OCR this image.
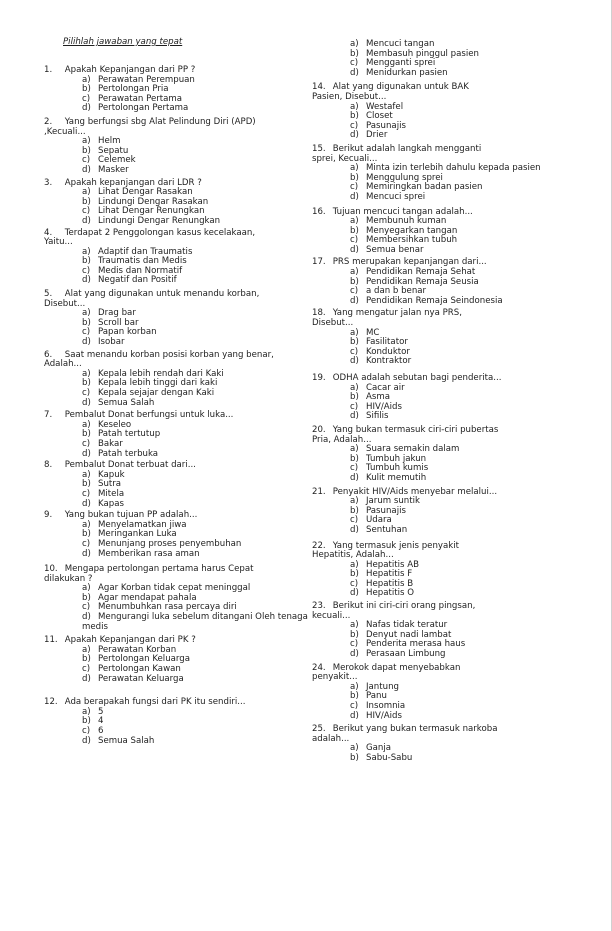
Pilihlah jawaban yang tepat
1. Apakah Kepanjangan dari PP ?
a) Perawatan Perempuan
b) Pertolongan Pria
c) Perawatan Pertama
d) Pertolongan Pertama
2. Yang berfungsi sbg Alat Pelindung Diri (APD) ,Kecuali...
a) Helm
b) Sepatu
c) Celemek
d) Masker
3. Apakah kepanjangan dari LDR ?
a) Lihat Dengar Rasakan
b) Lindungi Dengar Rasakan
c) Lihat Dengar Renungkan
d) Lindungi Dengar Renungkan
4. Terdapat 2 Penggolongan kasus kecelakaan, Yaitu...
a) Adaptif dan Traumatis
b) Traumatis dan Medis
c) Medis dan Normatif
d) Negatif dan Positif
5. Alat yang digunakan untuk menandu korban, Disebut...
a) Drag bar
b) Scroll bar
c) Papan korban
d) Isobar
6. Saat menandu korban posisi korban yang benar, Adalah...
a) Kepala lebih rendah dari Kaki
b) Kepala lebih tinggi dari kaki
c) Kepala sejajar dengan Kaki
d) Semua Salah
7. Pembalut Donat berfungsi untuk luka...
a) Keseleo
b) Patah tertutup
c) Bakar
d) Patah terbuka
8. Pembalut Donat terbuat dari...
a) Kapuk
b) Sutra
c) Mitela
d) Kapas
9. Yang bukan tujuan PP adalah...
a) Menyelamatkan jiwa
b) Meringankan Luka
c) Menunjang proses penyembuhan
d) Memberikan rasa aman
10. Mengapa pertolongan pertama harus Cepat dilakukan ?
a) Agar Korban tidak cepat meninggal
b) Agar mendapat pahala
c) Menumbuhkan rasa percaya diri
d) Mengurangi luka sebelum ditangani Oleh tenaga medis
11. Apakah Kepanjangan dari PK ?
a) Perawatan Korban
b) Pertolongan Keluarga
c) Pertolongan Kawan
d) Perawatan Keluarga
12. Ada berapakah fungsi dari PK itu sendiri...
a) 5
b) 4
c) 6
d) Semua Salah
a) Mencuci tangan
b) Membasuh pinggul pasien
c) Mengganti sprei
d) Menidurkan pasien
14. Alat yang digunakan untuk BAK Pasien, Disebut...
a) Westafel
b) Closet
c) Pasunajis
d) Drier
15. Berikut adalah langkah mengganti sprei, Kecuali...
a) Minta izin terlebih dahulu kepada pasien
b) Menggulung sprei
c) Memiringkan badan pasien
d) Mencuci sprei
16. Tujuan mencuci tangan adalah...
a) Membunuh kuman
b) Menyegarkan tangan
c) Membersihkan tubuh
d) Semua benar
17. PRS merupakan kepanjangan dari...
a) Pendidikan Remaja Sehat
b) Pendidikan Remaja Seusia
c) a dan b benar
d) Pendidikan Remaja Seindonesia
18. Yang mengatur jalan nya PRS, Disebut...
a) MC
b) Fasilitator
c) Konduktor
d) Kontraktor
19. ODHA adalah sebutan bagi penderita...
a) Cacar air
b) Asma
c) HIV/Aids
d) Sifilis
20. Yang bukan termasuk ciri-ciri pubertas Pria, Adalah...
a) Suara semakin dalam
b) Tumbuh jakun
c) Tumbuh kumis
d) Kulit memutih
21. Penyakit HIV/Aids menyebar melalui...
a) Jarum suntik
b) Pasunajis
c) Udara
d) Sentuhan
22. Yang termasuk jenis penyakit Hepatitis, Adalah...
a) Hepatitis AB
b) Hepatitis F
c) Hepatitis B
d) Hepatitis O
23. Berikut ini ciri-ciri orang pingsan, kecuali...
a) Nafas tidak teratur
b) Denyut nadi lambat
c) Penderita merasa haus
d) Perasaan Limbung
24. Merokok dapat menyebabkan penyakit...
a) Jantung
b) Panu
c) Insomnia
d) HIV/Aids
25. Berikut yang bukan termasuk narkoba adalah...
a) Ganja
b) Sabu-Sabu
